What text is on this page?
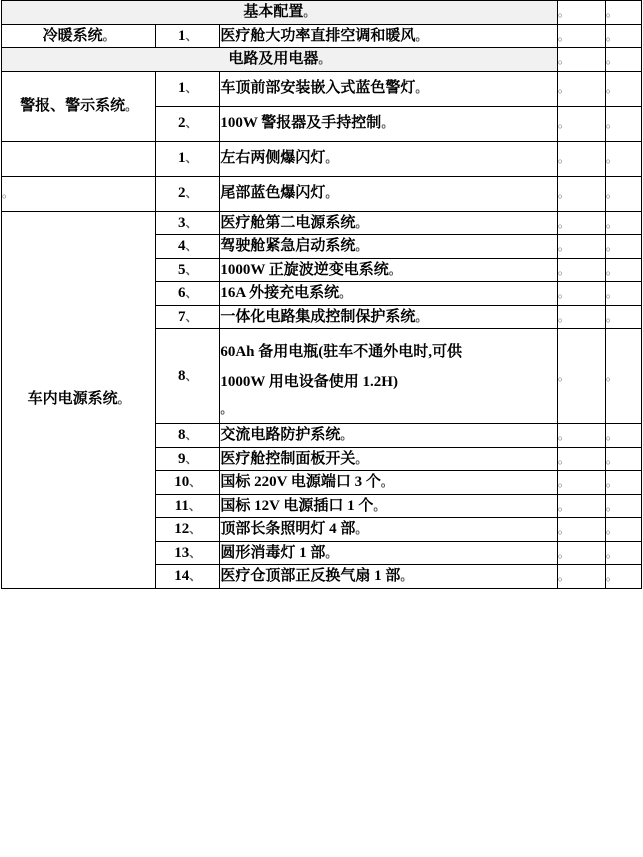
基本配置。			。	。
冷暖系统。	1、	医疗舱大功率直排空调和暖风。	。	。
电路及用电器。			。	。
警报、警示系统。	1、	车顶前部安装嵌入式蓝色警灯。	。	。
	2、	100W 警报器及手持控制。	。	。
	1、	左右两侧爆闪灯。	。	。
。	2、	尾部蓝色爆闪灯。	。	。
车内电源系统。	3、	医疗舱第二电源系统。	。	。
	4、	驾驶舱紧急启动系统。	。	。
	5、	1000W 正旋波逆变电系统。	。	。
	6、	16A 外接充电系统。	。	。
	7、	一体化电路集成控制保护系统。	。	。
	8、	60Ah 备用电瓶(驻车不通外电时,可供
1000W 用电设备使用 1.2H)
。	。	。
	8、	交流电路防护系统。	。	。
	9、	医疗舱控制面板开关。	。	。
	10、	国标 220V 电源端口 3 个。	。	。
	11、	国标 12V 电源插口 1 个。	。	。
	12、	顶部长条照明灯 4 部。	。	。
	13、	圆形消毒灯 1 部。	。	。
	14、	医疗仓顶部正反换气扇 1 部。	。	。
